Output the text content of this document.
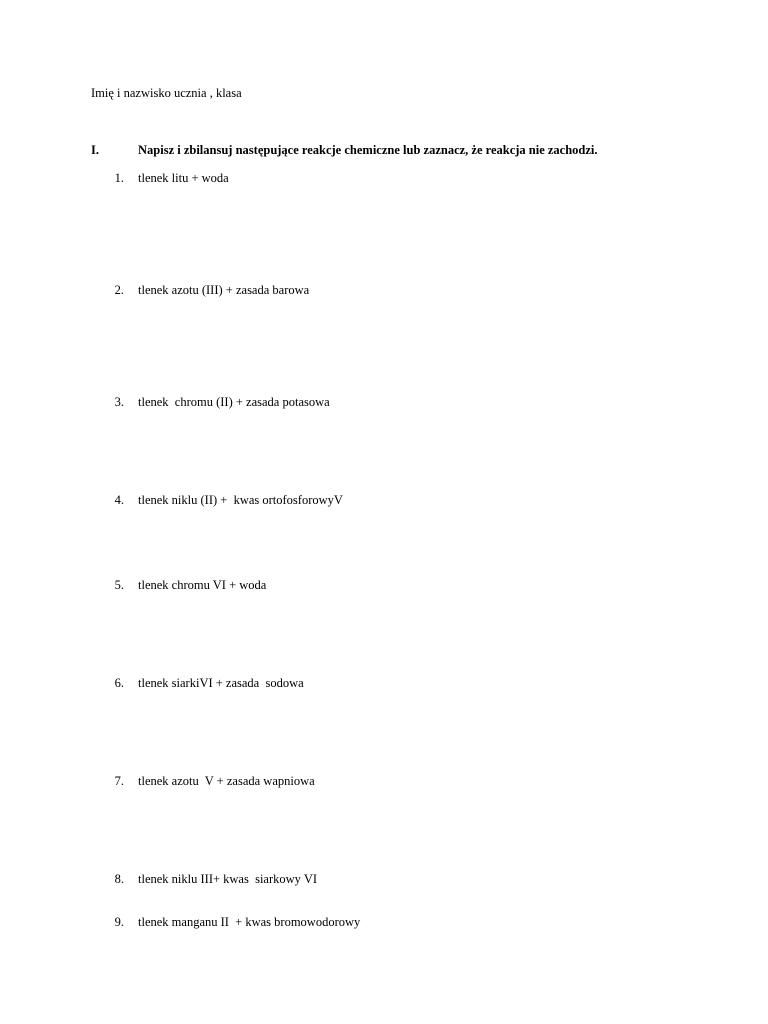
Imię i nazwisko ucznia , klasa
I.	Napisz i zbilansuj następujące reakcje chemiczne lub zaznacz, że reakcja nie zachodzi.
1. tlenek litu + woda
2. tlenek azotu (III) + zasada barowa
3. tlenek  chromu (II) + zasada potasowa
4. tlenek niklu (II) +  kwas ortofosforowyV
5. tlenek chromu VI + woda
6. tlenek siarkiVI + zasada  sodowa
7. tlenek azotu  V + zasada wapniowa
8. tlenek niklu III+ kwas  siarkowy VI
9. tlenek manganu II  + kwas bromowodorowy
